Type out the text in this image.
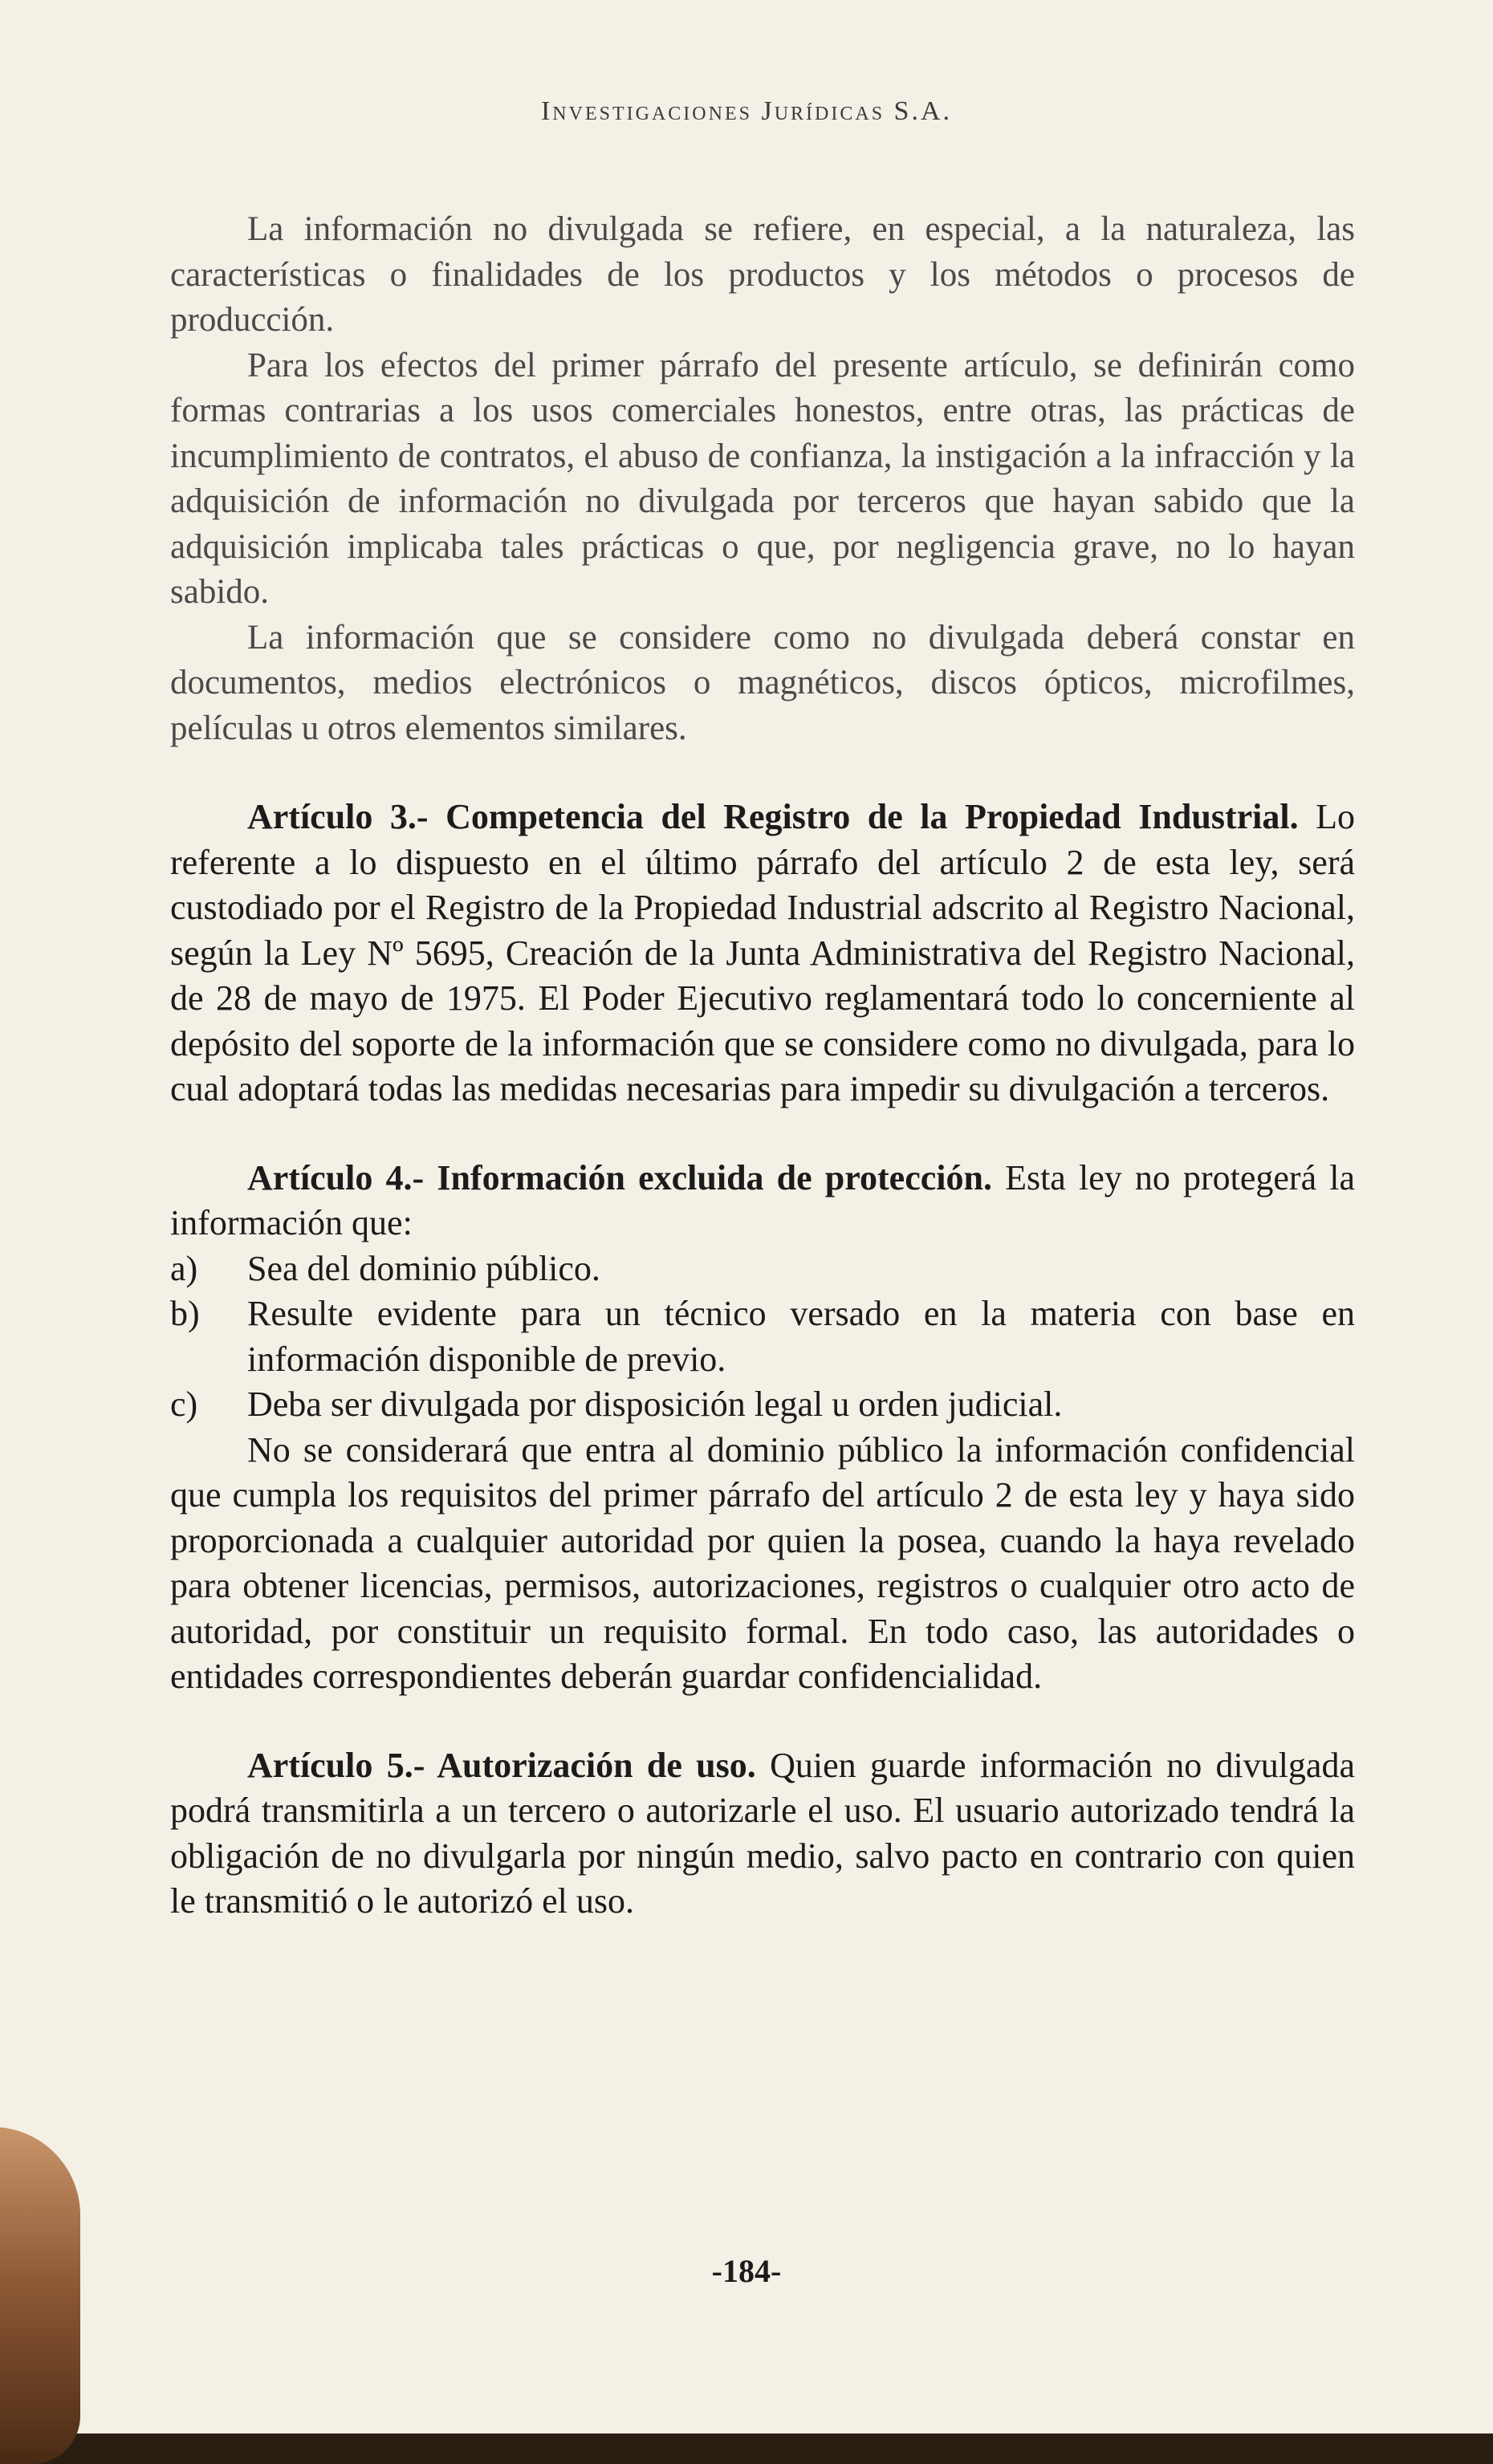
Investigaciones Jurídicas S.A.

La información no divulgada se refiere, en especial, a la naturaleza, las características o finalidades de los productos y los métodos o procesos de producción.

Para los efectos del primer párrafo del presente artículo, se definirán como formas contrarias a los usos comerciales honestos, entre otras, las prácticas de incumplimiento de contratos, el abuso de confianza, la instigación a la infracción y la adquisición de información no divulgada por terceros que hayan sabido que la adquisición implicaba tales prácticas o que, por negligencia grave, no lo hayan sabido.

La información que se considere como no divulgada deberá constar en documentos, medios electrónicos o magnéticos, discos ópticos, microfilmes, películas u otros elementos similares.

Artículo 3.- Competencia del Registro de la Propiedad Industrial. Lo referente a lo dispuesto en el último párrafo del artículo 2 de esta ley, será custodiado por el Registro de la Propiedad Industrial adscrito al Registro Nacional, según la Ley Nº 5695, Creación de la Junta Administrativa del Registro Nacional, de 28 de mayo de 1975. El Poder Ejecutivo reglamentará todo lo concerniente al depósito del soporte de la información que se considere como no divulgada, para lo cual adoptará todas las medidas necesarias para impedir su divulgación a terceros.

Artículo 4.- Información excluida de protección. Esta ley no protegerá la información que:

a) Sea del dominio público.
b) Resulte evidente para un técnico versado en la materia con base en información disponible de previo.
c) Deba ser divulgada por disposición legal u orden judicial.

No se considerará que entra al dominio público la información confidencial que cumpla los requisitos del primer párrafo del artículo 2 de esta ley y haya sido proporcionada a cualquier autoridad por quien la posea, cuando la haya revelado para obtener licencias, permisos, autorizaciones, registros o cualquier otro acto de autoridad, por constituir un requisito formal. En todo caso, las autoridades o entidades correspondientes deberán guardar confidencialidad.

Artículo 5.- Autorización de uso. Quien guarde información no divulgada podrá transmitirla a un tercero o autorizarle el uso. El usuario autorizado tendrá la obligación de no divulgarla por ningún medio, salvo pacto en contrario con quien le transmitió o le autorizó el uso.

-184-
